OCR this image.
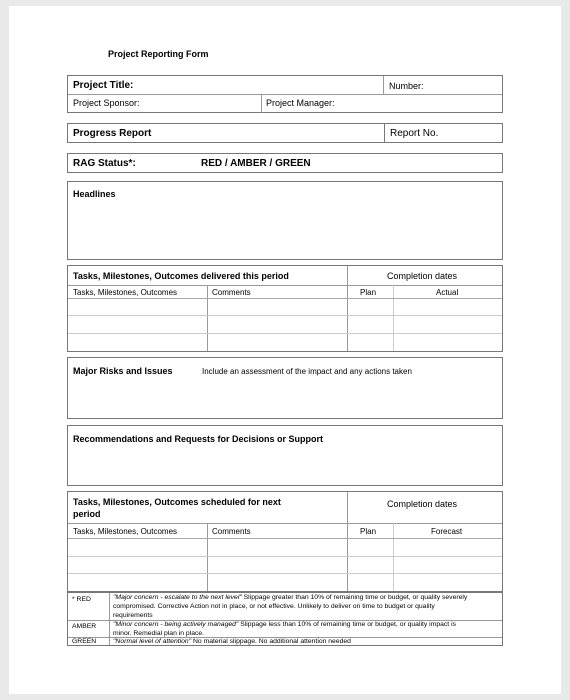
Project Reporting Form
Project Title:	Number:
Project Sponsor:	Project Manager:
Progress Report	Report No.
RAG Status*:	RED / AMBER / GREEN
Headlines
Tasks, Milestones, Outcomes delivered this period	Completion dates
Tasks, Milestones, Outcomes	Comments	Plan	Actual
Major Risks and Issues	Include an assessment of the impact and any actions taken
Recommendations and Requests for Decisions or Support
Tasks, Milestones, Outcomes scheduled for next
period
Completion dates
Tasks, Milestones, Outcomes	Comments	Plan	Forecast
* RED	"Major concern - escalate to the next level" Slippage greater than 10% of remaining time or budget, or quality severely
compromised. Corrective Action not in place, or not effective. Unlikely to deliver on time to budget or quality
requirements
AMBER "Minor concern - being actively managed" Slippage less than 10% of remaining time or budget, or quality impact is
minor. Remedial plan in place.
GREEN "Normal level of attention" No material slippage. No additional attention needed
